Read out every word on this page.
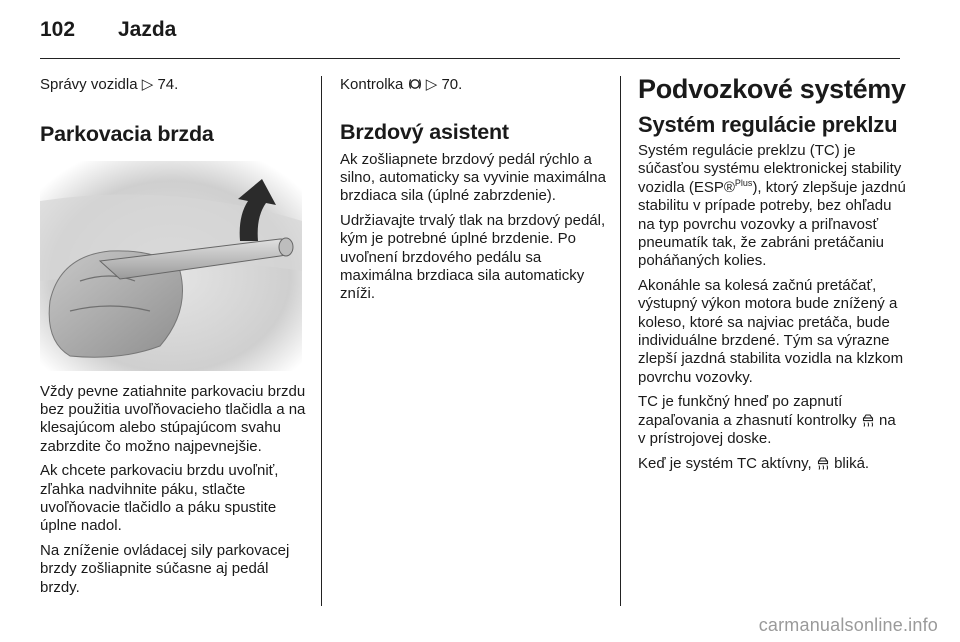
102	Jazda

Správy vozidla ▷ 74.

Parkovacia brzda

Vždy pevne zatiahnite parkovaciu brzdu bez použitia uvoľňovacieho tlačidla a na klesajúcom alebo stúpajúcom svahu zabrzdite čo možno najpevnejšie.

Ak chcete parkovaciu brzdu uvoľniť, zľahka nadvihnite páku, stlačte uvoľňovacie tlačidlo a páku spustite úplne nadol.

Na zníženie ovládacej sily parkovacej brzdy zošliapnite súčasne aj pedál brzdy.

Kontrolka ▷ 70.

Brzdový asistent

Ak zošliapnete brzdový pedál rýchlo a silno, automaticky sa vyvinie maximálna brzdiaca sila (úplné zabrzdenie).

Udržiavajte trvalý tlak na brzdový pedál, kým je potrebné úplné brzdenie. Po uvoľnení brzdového pedálu sa maximálna brzdiaca sila automaticky zníži.

Podvozkové systémy
Systém regulácie preklzu

Systém regulácie preklzu (TC) je súčasťou systému elektronickej stability vozidla (ESP®$^{Plus}$), ktorý zlepšuje jazdnú stabilitu v prípade potreby, bez ohľadu na typ povrchu vozovky a priľnavosť pneumatík tak, že zabráni pretáčaniu poháňaných kolies.

Akonáhle sa kolesá začnú pretáčať, výstupný výkon motora bude znížený a koleso, ktoré sa najviac pretáča, bude individuálne brzdené. Tým sa výrazne zlepší jazdná stabilita vozidla na klzkom povrchu vozovky.

TC je funkčný hneď po zapnutí zapaľovania a zhasnutí kontrolky na v prístrojovej doske.

Keď je systém TC aktívny, bliká.

carmanualsonline.info
